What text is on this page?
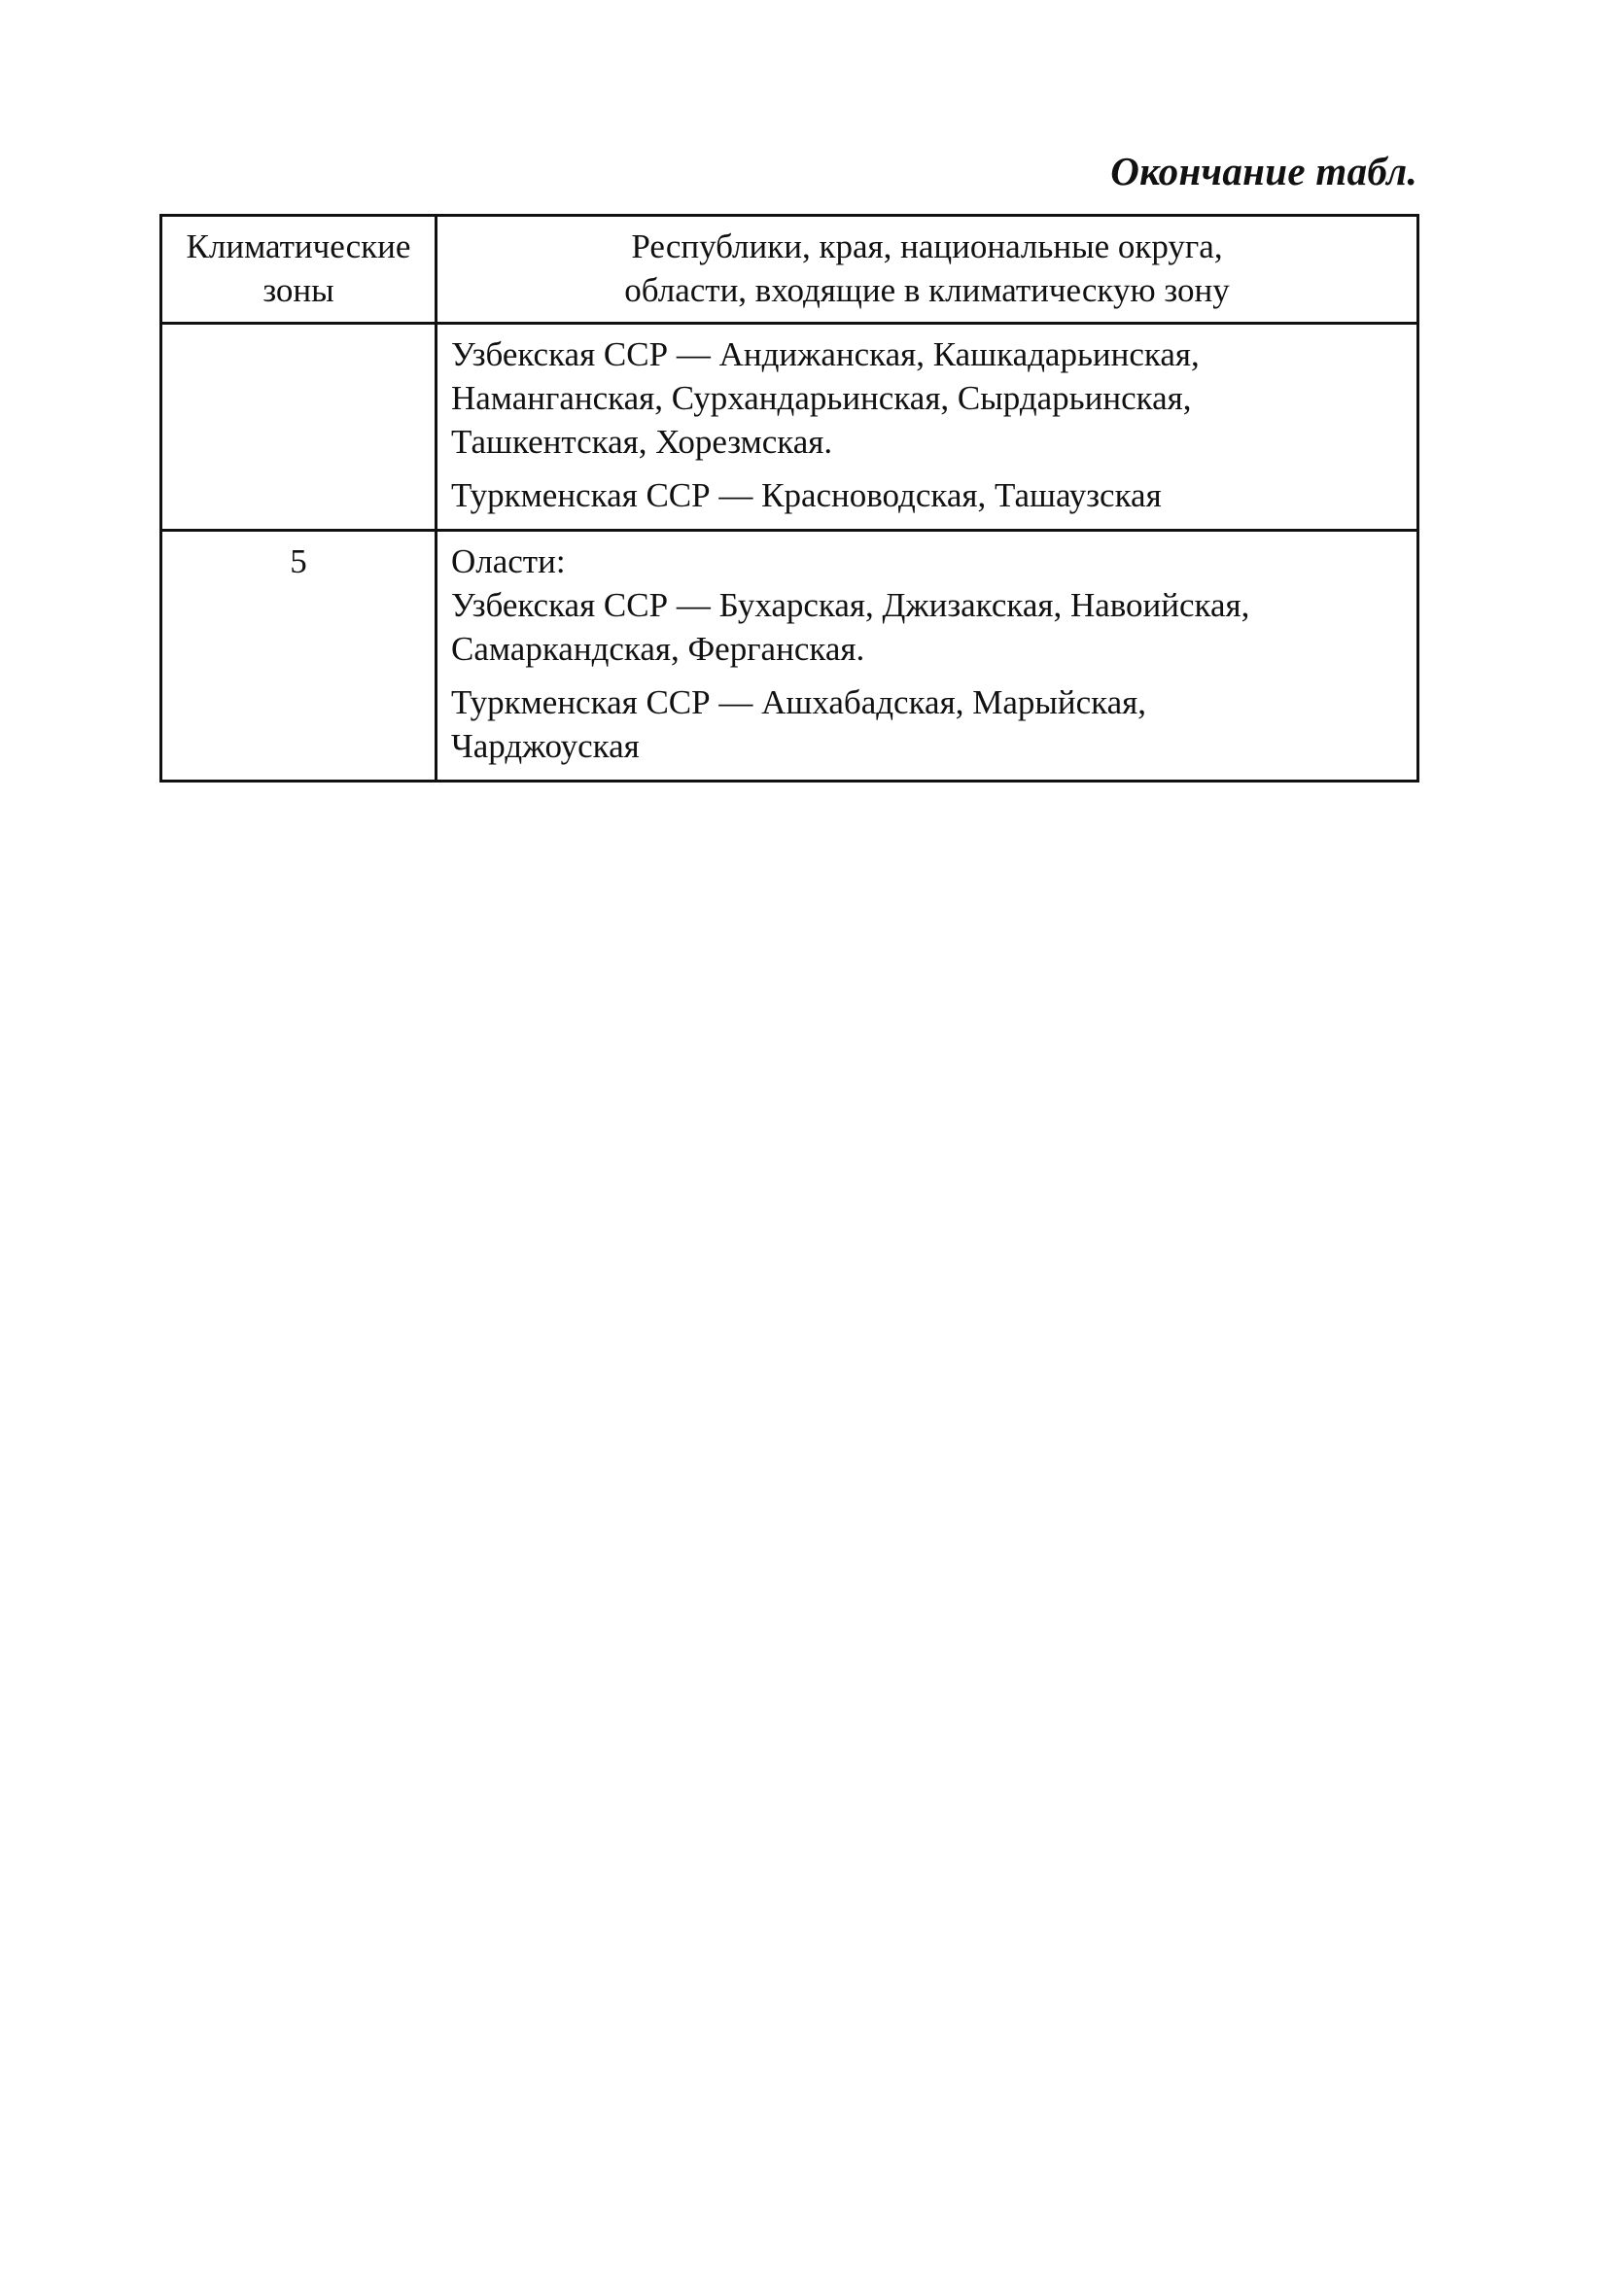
Окончание табл.
Климатические
зоны	Республики, края, национальные округа,
области, входящие в климатическую зону

	Узбекская ССР — Андижанская, Кашкадарьинская,
Наманганская, Сурхандарьинская, Сырдарьинская,
Ташкентская, Хорезмская.
Туркменская ССР — Красноводская, Ташаузская

5	Оласти:
Узбекская ССР — Бухарская, Джизакская, Навоийская,
Самаркандская, Ферганская.
Туркменская ССР — Ашхабадская, Марыйская,
Чарджоуская
